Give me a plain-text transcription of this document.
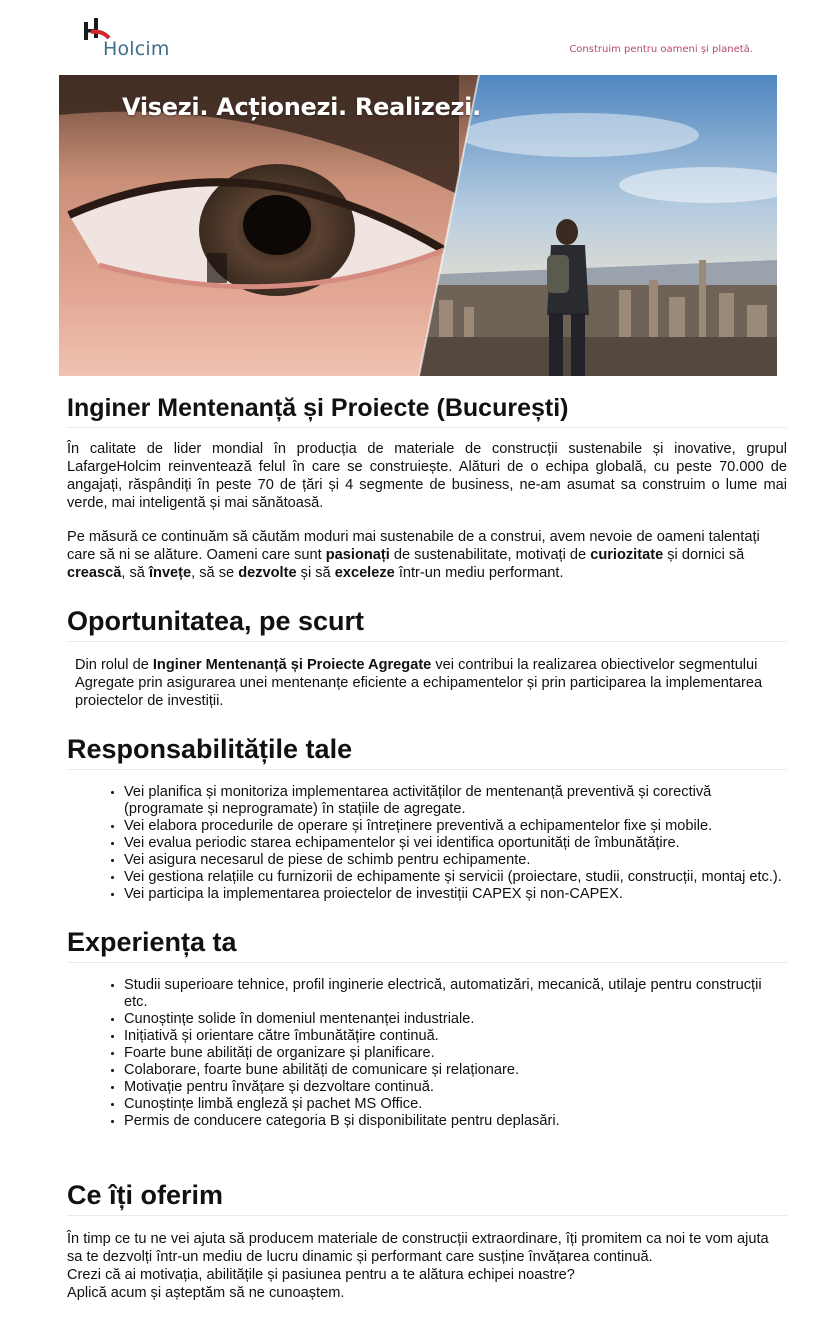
Holcim	Construim pentru oameni și planetă.
Visezi. Acționezi. Realizezi.
Inginer Mentenanță și Proiecte (București)

În calitate de lider mondial în producția de materiale de construcții sustenabile și inovative, grupul LafargeHolcim reinventează felul în care se construiește. Alături de o echipa globală, cu peste 70.000 de angajați, răspândiți în peste 70 de țări și 4 segmente de business, ne-am asumat sa construim o lume mai verde, mai inteligentă și mai sănătoasă.

Pe măsură ce continuăm să căutăm moduri mai sustenabile de a construi, avem nevoie de oameni talentați care să ni se alăture. Oameni care sunt pasionați de sustenabilitate, motivați de curiozitate și dornici să crească, să învețe, să se dezvolte și să exceleze într-un mediu performant.

Oportunitatea, pe scurt

Din rolul de Inginer Mentenanță și Proiecte Agregate vei contribui la realizarea obiectivelor segmentului Agregate prin asigurarea unei mentenanțe eficiente a echipamentelor și prin participarea la implementarea proiectelor de investiții.

Responsabilitățile tale
• Vei planifica și monitoriza implementarea activităților de mentenanță preventivă și corectivă (programate și neprogramate) în stațiile de agregate.
• Vei elabora procedurile de operare și întreținere preventivă a echipamentelor fixe și mobile.
• Vei evalua periodic starea echipamentelor și vei identifica oportunități de îmbunătățire.
• Vei asigura necesarul de piese de schimb pentru echipamente.
• Vei gestiona relațiile cu furnizorii de echipamente și servicii (proiectare, studii, construcții, montaj etc.).
• Vei participa la implementarea proiectelor de investiții CAPEX și non-CAPEX.
Experiența ta
• Studii superioare tehnice, profil inginerie electrică, automatizări, mecanică, utilaje pentru construcții etc.
• Cunoștințe solide în domeniul mentenanței industriale.
• Inițiativă și orientare către îmbunătățire continuă.
• Foarte bune abilități de organizare și planificare.
• Colaborare, foarte bune abilități de comunicare și relaționare.
• Motivație pentru învățare și dezvoltare continuă.
• Cunoștințe limbă engleză și pachet MS Office.
• Permis de conducere categoria B și disponibilitate pentru deplasări.
Ce îți oferim

În timp ce tu ne vei ajuta să producem materiale de construcții extraordinare, îți promitem ca noi te vom ajuta sa te dezvolți într-un mediu de lucru dinamic și performant care susține învățarea continuă.
Crezi că ai motivația, abilitățile și pasiunea pentru a te alătura echipei noastre?
Aplică acum și așteptăm să ne cunoaștem.
